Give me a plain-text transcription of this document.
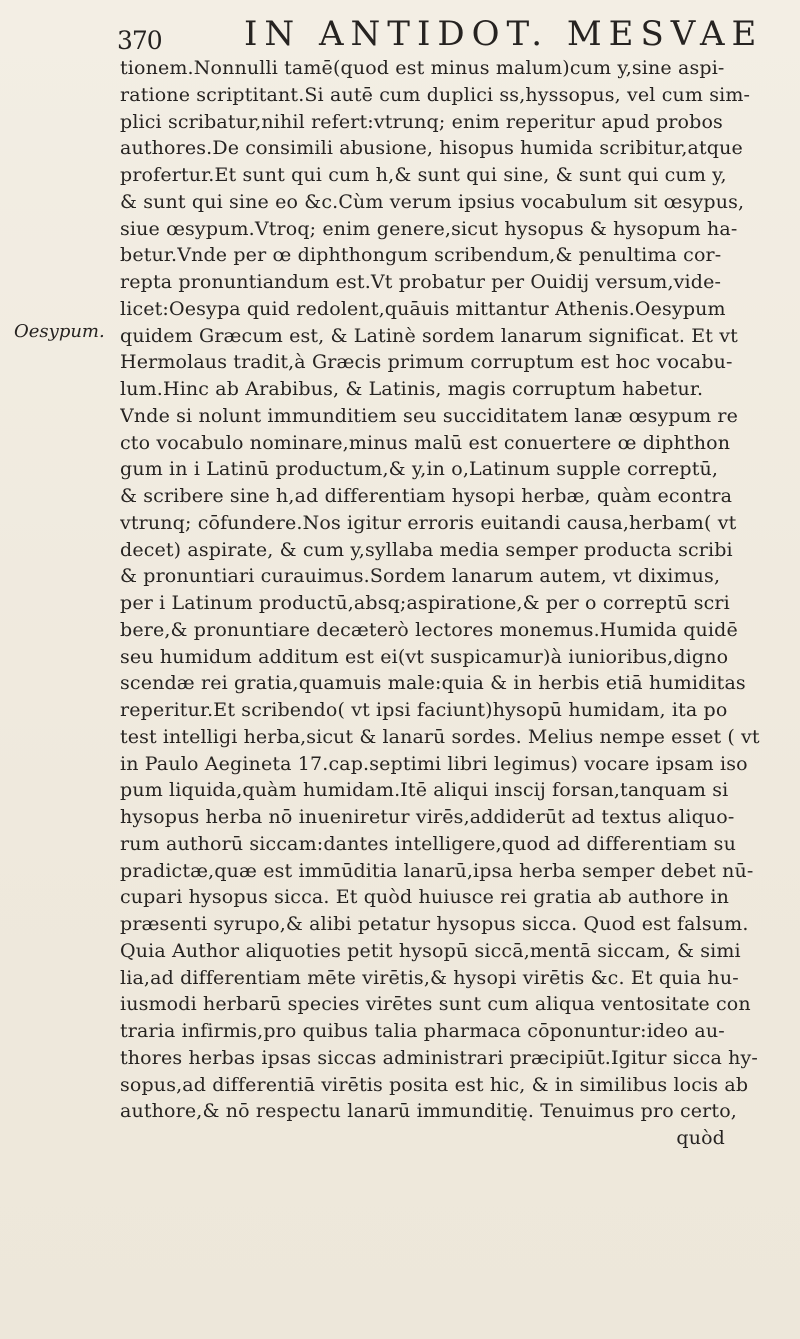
370 IN ANTIDOT. MESVAE
Oesypum.
tionem.Nonnulli tamē(quod est minus malum)cum y,sine aspi-
ratione scriptitant.Si autē cum duplici ss,hyssopus, vel cum sim-
plici scribatur,nihil refert:vtrunq; enim reperitur apud probos
authores.De consimili abusione, hisopus humida scribitur,atque
profertur.Et sunt qui cum h,& sunt qui sine, & sunt qui cum y,
& sunt qui sine eo &c.Cùm verum ipsius vocabulum sit œsypus,
siue œsypum.Vtroq; enim genere,sicut hysopus & hysopum ha-
betur.Vnde per œ diphthongum scribendum,& penultima cor-
repta pronuntiandum est.Vt probatur per Ouidij versum,vide-
licet:Oesypa quid redolent,quāuis mittantur Athenis.Oesypum
quidem Græcum est, & Latinè sordem lanarum significat. Et vt
Hermolaus tradit,à Græcis primum corruptum est hoc vocabu-
lum.Hinc ab Arabibus, & Latinis, magis corruptum habetur.
Vnde si nolunt immunditiem seu succiditatem lanæ œsypum re
cto vocabulo nominare,minus malū est conuertere œ diphthon
gum in i Latinū productum,& y,in o,Latinum supple correptū,
& scribere sine h,ad differentiam hysopi herbæ, quàm econtra
vtrunq; cōfundere.Nos igitur erroris euitandi causa,herbam( vt
decet) aspirate, & cum y,syllaba media semper producta scribi
& pronuntiari curauimus.Sordem lanarum autem, vt diximus,
per i Latinum productū,absq;aspiratione,& per o correptū scri
bere,& pronuntiare decæterò lectores monemus.Humida quidē
seu humidum additum est ei(vt suspicamur)à iunioribus,digno
scendæ rei gratia,quamuis male:quia & in herbis etiā humiditas
reperitur.Et scribendo( vt ipsi faciunt)hysopū humidam, ita po
test intelligi herba,sicut & lanarū sordes. Melius nempe esset ( vt
in Paulo Aegineta 17.cap.septimi libri legimus) vocare ipsam iso
pum liquida,quàm humidam.Itē aliqui inscij forsan,tanquam si
hysopus herba nō inueniretur virēs,addiderūt ad textus aliquo-
rum authorū siccam:dantes intelligere,quod ad differentiam su
pradictæ,quæ est immūditia lanarū,ipsa herba semper debet nū-
cupari hysopus sicca. Et quòd huiusce rei gratia ab authore in
præsenti syrupo,& alibi petatur hysopus sicca. Quod est falsum.
Quia Author aliquoties petit hysopū siccā,mentā siccam, & simi
lia,ad differentiam mēte virētis,& hysopi virētis &c. Et quia hu-
iusmodi herbarū species virētes sunt cum aliqua ventositate con
traria infirmis,pro quibus talia pharmaca cōponuntur:ideo au-
thores herbas ipsas siccas administrari præcipiūt.Igitur sicca hy-
sopus,ad differentiā virētis posita est hic, & in similibus locis ab
authore,& nō respectu lanarū immunditię. Tenuimus pro certo,
quòd
